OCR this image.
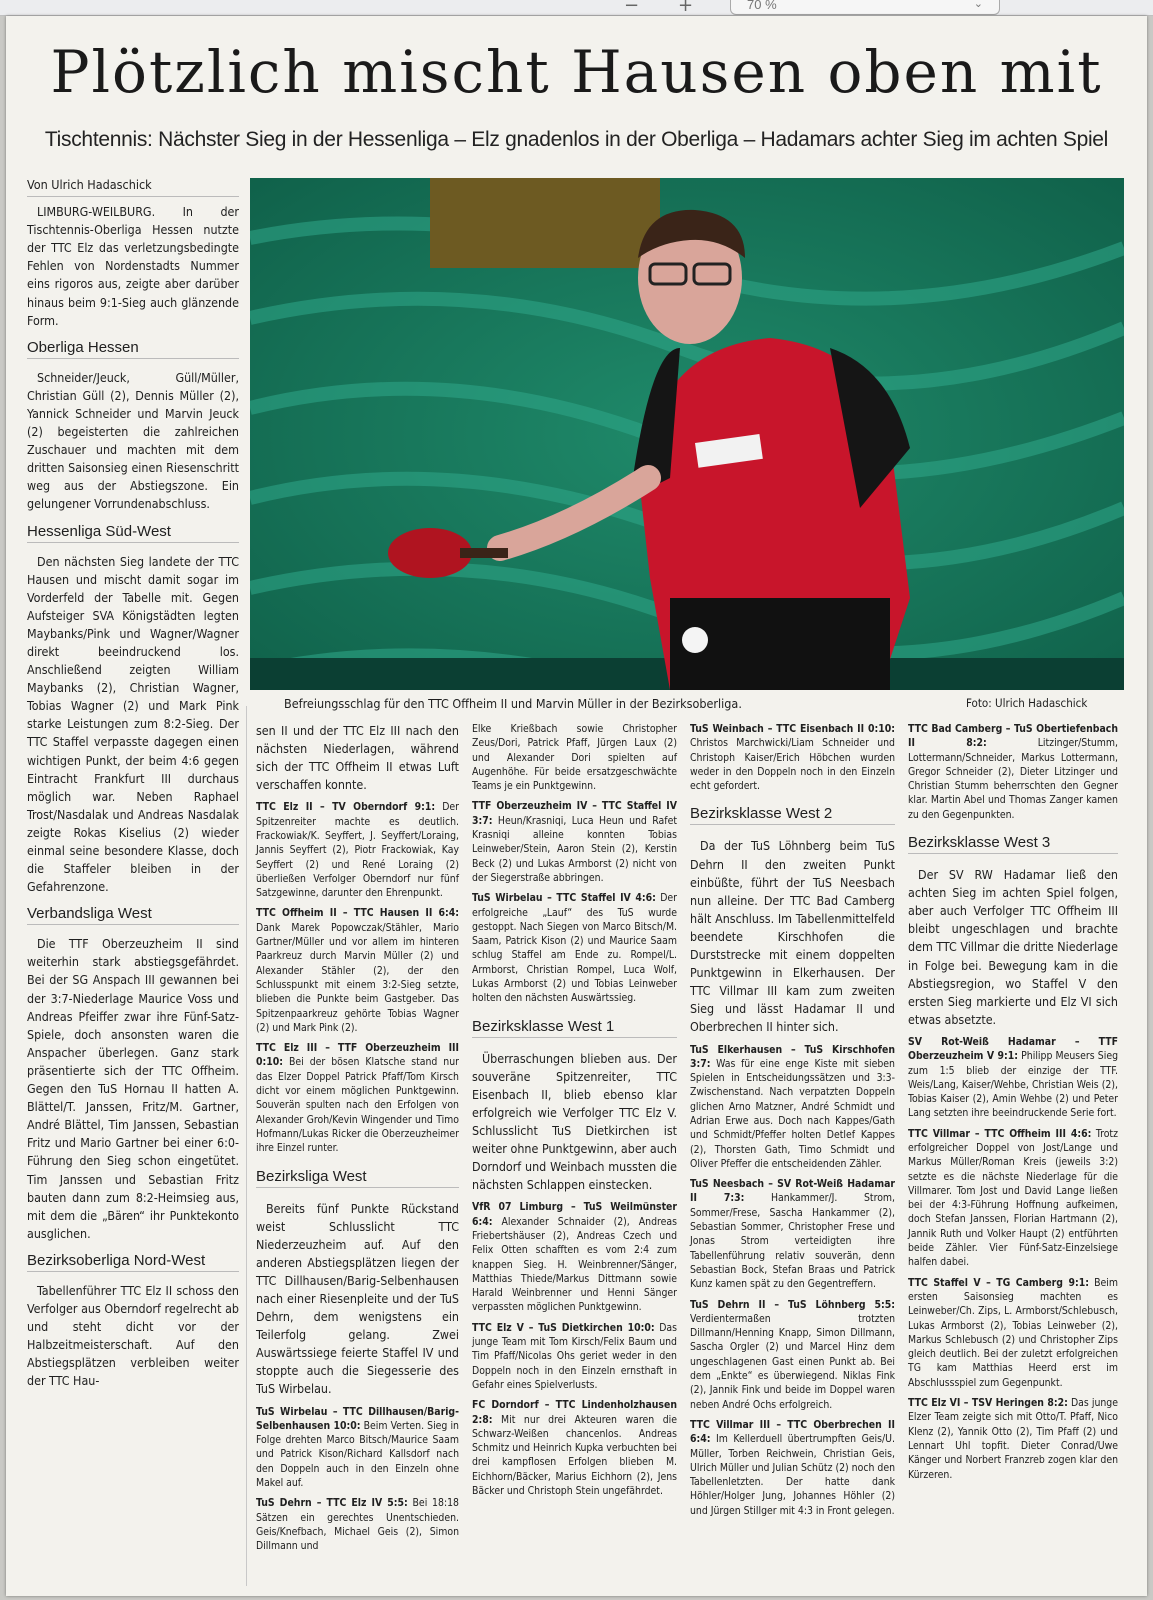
− +	70 %	⌄
Plötzlich mischt Hausen oben mit
Tischtennis: Nächster Sieg in der Hessenliga – Elz gnadenlos in der Oberliga – Hadamars achter Sieg im achten Spiel
Von Ulrich Hadaschick

LIMBURG-WEILBURG. In der Tischtennis-Oberliga Hessen nutzte der TTC Elz das verletzungsbedingte Fehlen von Nordenstadts Nummer eins rigoros aus, zeigte aber darüber hinaus beim 9:1-Sieg auch glänzende Form.

Oberliga Hessen

Schneider/Jeuck, Güll/Müller, Christian Güll (2), Dennis Müller (2), Yannick Schneider und Marvin Jeuck (2) begeisterten die zahlreichen Zuschauer und machten mit dem dritten Saisonsieg einen Riesenschritt weg aus der Abstiegszone. Ein gelungener Vorrundenabschluss.

Hessenliga Süd-West

Den nächsten Sieg landete der TTC Hausen und mischt damit sogar im Vorderfeld der Tabelle mit. Gegen Aufsteiger SVA Königstädten legten Maybanks/Pink und Wagner/Wagner direkt beeindruckend los. Anschließend zeigten William Maybanks (2), Christian Wagner, Tobias Wagner (2) und Mark Pink starke Leistungen zum 8:2-Sieg. Der TTC Staffel verpasste dagegen einen wichtigen Punkt, der beim 4:6 gegen Eintracht Frankfurt III durchaus möglich war. Neben Raphael Trost/Nasdalak und Andreas Nasdalak zeigte Rokas Kiselius (2) wieder einmal seine besondere Klasse, doch die Staffeler bleiben in der Gefahrenzone.

Verbandsliga West

Die TTF Oberzeuzheim II sind weiterhin stark abstiegsgefährdet. Bei der SG Anspach III gewannen bei der 3:7-Niederlage Maurice Voss und Andreas Pfeiffer zwar ihre Fünf-Satz-Spiele, doch ansonsten waren die Anspacher überlegen. Ganz stark präsentierte sich der TTC Offheim. Gegen den TuS Hornau II hatten A. Blättel/T. Janssen, Fritz/M. Gartner, André Blättel, Tim Janssen, Sebastian Fritz und Mario Gartner bei einer 6:0-Führung den Sieg schon eingetütet. Tim Janssen und Sebastian Fritz bauten dann zum 8:2-Heimsieg aus, mit dem die „Bären“ ihr Punktekonto ausglichen.

Bezirksoberliga Nord-West

Tabellenführer TTC Elz II schoss den Verfolger aus Oberndorf regelrecht ab und steht dicht vor der Halbzeitmeisterschaft. Auf den Abstiegsplätzen verbleiben weiter der TTC Hau-

Befreiungsschlag für den TTC Offheim II und Marvin Müller in der Bezirksoberliga.	Foto: Ulrich Hadaschick

sen II und der TTC Elz III nach den nächsten Niederlagen, während sich der TTC Offheim II etwas Luft verschaffen konnte.

TTC Elz II – TV Oberndorf 9:1: Der Spitzenreiter machte es deutlich. Frackowiak/K. Seyffert, J. Seyffert/Loraing, Jannis Seyffert (2), Piotr Frackowiak, Kay Seyffert (2) und René Loraing (2) überließen Verfolger Oberndorf nur fünf Satzgewinne, darunter den Ehrenpunkt.
TTC Offheim II – TTC Hausen II 6:4: Dank Marek Popowczak/Stähler, Mario Gartner/Müller und vor allem im hinteren Paarkreuz durch Marvin Müller (2) und Alexander Stähler (2), der den Schlusspunkt mit einem 3:2-Sieg setzte, blieben die Punkte beim Gastgeber. Das Spitzenpaarkreuz gehörte Tobias Wagner (2) und Mark Pink (2).
TTC Elz III – TTF Oberzeuzheim III 0:10: Bei der bösen Klatsche stand nur das Elzer Doppel Patrick Pfaff/Tom Kirsch dicht vor einem möglichen Punktgewinn. Souverän spulten nach den Erfolgen von Alexander Groh/Kevin Wingender und Timo Hofmann/Lukas Ricker die Oberzeuzheimer ihre Einzel runter.
Bezirksliga West

Bereits fünf Punkte Rückstand weist Schlusslicht TTC Niederzeuzheim auf. Auf den anderen Abstiegsplätzen liegen der TTC Dillhausen/Barig-Selbenhausen nach einer Riesenpleite und der TuS Dehrn, dem wenigstens ein Teilerfolg gelang. Zwei Auswärtssiege feierte Staffel IV und stoppte auch die Siegesserie des TuS Wirbelau.

TuS Wirbelau – TTC Dillhausen/Barig-Selbenhausen 10:0: Beim Verten. Sieg in Folge drehten Marco Bitsch/Maurice Saam und Patrick Kison/Richard Kallsdorf nach den Doppeln auch in den Einzeln ohne Makel auf.
TuS Dehrn – TTC Elz IV 5:5: Bei 18:18 Sätzen ein gerechtes Unentschieden. Geis/Knefbach, Michael Geis (2), Simon Dillmann und
Elke Krießbach sowie Christopher Zeus/Dori, Patrick Pfaff, Jürgen Laux (2) und Alexander Dori spielten auf Augenhöhe. Für beide ersatzgeschwächte Teams je ein Punktgewinn.
TTF Oberzeuzheim IV – TTC Staffel IV 3:7: Heun/Krasniqi, Luca Heun und Rafet Krasniqi alleine konnten Tobias Leinweber/Stein, Aaron Stein (2), Kerstin Beck (2) und Lukas Armborst (2) nicht von der Siegerstraße abbringen.
TuS Wirbelau – TTC Staffel IV 4:6: Der erfolgreiche „Lauf“ des TuS wurde gestoppt. Nach Siegen von Marco Bitsch/M. Saam, Patrick Kison (2) und Maurice Saam schlug Staffel am Ende zu. Rompel/L. Armborst, Christian Rompel, Luca Wolf, Lukas Armborst (2) und Tobias Leinweber holten den nächsten Auswärtssieg.
Bezirksklasse West 1

Überraschungen blieben aus. Der souveräne Spitzenreiter, TTC Eisenbach II, blieb ebenso klar erfolgreich wie Verfolger TTC Elz V. Schlusslicht TuS Dietkirchen ist weiter ohne Punktgewinn, aber auch Dorndorf und Weinbach mussten die nächsten Schlappen einstecken.

VfR 07 Limburg – TuS Weilmünster 6:4: Alexander Schnaider (2), Andreas Friebertshäuser (2), Andreas Czech und Felix Otten schafften es vom 2:4 zum knappen Sieg. H. Weinbrenner/Sänger, Matthias Thiede/Markus Dittmann sowie Harald Weinbrenner und Henni Sänger verpassten möglichen Punktgewinn.
TTC Elz V – TuS Dietkirchen 10:0: Das junge Team mit Tom Kirsch/Felix Baum und Tim Pfaff/Nicolas Ohs geriet weder in den Doppeln noch in den Einzeln ernsthaft in Gefahr eines Spielverlusts.
FC Dorndorf – TTC Lindenholzhausen 2:8: Mit nur drei Akteuren waren die Schwarz-Weißen chancenlos. Andreas Schmitz und Heinrich Kupka verbuchten bei drei kampflosen Erfolgen blieben M. Eichhorn/Bäcker, Marius Eichhorn (2), Jens Bäcker und Christoph Stein ungefährdet.
TuS Weinbach – TTC Eisenbach II 0:10: Christos Marchwicki/Liam Schneider und Christoph Kaiser/Erich Höbchen wurden weder in den Doppeln noch in den Einzeln echt gefordert.
Bezirksklasse West 2

Da der TuS Löhnberg beim TuS Dehrn II den zweiten Punkt einbüßte, führt der TuS Neesbach nun alleine. Der TTC Bad Camberg hält Anschluss. Im Tabellenmittelfeld beendete Kirschhofen die Durststrecke mit einem doppelten Punktgewinn in Elkerhausen. Der TTC Villmar III kam zum zweiten Sieg und lässt Hadamar II und Oberbrechen II hinter sich.

TuS Elkerhausen – TuS Kirschhofen 3:7: Was für eine enge Kiste mit sieben Spielen in Entscheidungssätzen und 3:3-Zwischenstand. Nach verpatzten Doppeln glichen Arno Matzner, André Schmidt und Adrian Erwe aus. Doch nach Kappes/Gath und Schmidt/Pfeffer holten Detlef Kappes (2), Thorsten Gath, Timo Schmidt und Oliver Pfeffer die entscheidenden Zähler.
TuS Neesbach – SV Rot-Weiß Hadamar II 7:3: Hankammer/J. Strom, Sommer/Frese, Sascha Hankammer (2), Sebastian Sommer, Christopher Frese und Jonas Strom verteidigten ihre Tabellenführung relativ souverän, denn Sebastian Bock, Stefan Braas und Patrick Kunz kamen spät zu den Gegentreffern.
TuS Dehrn II – TuS Löhnberg 5:5: Verdientermaßen trotzten Dillmann/Henning Knapp, Simon Dillmann, Sascha Orgler (2) und Marcel Hinz dem ungeschlagenen Gast einen Punkt ab. Bei dem „Enkte“ es überwiegend. Niklas Fink (2), Jannik Fink und beide im Doppel waren neben André Ochs erfolgreich.
TTC Villmar III – TTC Oberbrechen II 6:4: Im Kellerduell übertrumpften Geis/U. Müller, Torben Reichwein, Christian Geis, Ulrich Müller und Julian Schütz (2) noch den Tabellenletzten. Der hatte dank Höhler/Holger Jung, Johannes Höhler (2) und Jürgen Stillger mit 4:3 in Front gelegen.
TTC Bad Camberg – TuS Obertiefenbach II 8:2: Litzinger/Stumm, Lottermann/Schneider, Markus Lottermann, Gregor Schneider (2), Dieter Litzinger und Christian Stumm beherrschten den Gegner klar. Martin Abel und Thomas Zanger kamen zu den Gegenpunkten.
Bezirksklasse West 3

Der SV RW Hadamar ließ den achten Sieg im achten Spiel folgen, aber auch Verfolger TTC Offheim III bleibt ungeschlagen und brachte dem TTC Villmar die dritte Niederlage in Folge bei. Bewegung kam in die Abstiegsregion, wo Staffel V den ersten Sieg markierte und Elz VI sich etwas absetzte.

SV Rot-Weiß Hadamar – TTF Oberzeuzheim V 9:1: Philipp Meusers Sieg zum 1:5 blieb der einzige der TTF. Weis/Lang, Kaiser/Wehbe, Christian Weis (2), Tobias Kaiser (2), Amin Wehbe (2) und Peter Lang setzten ihre beeindruckende Serie fort.
TTC Villmar – TTC Offheim III 4:6: Trotz erfolgreicher Doppel von Jost/Lange und Markus Müller/Roman Kreis (jeweils 3:2) setzte es die nächste Niederlage für die Villmarer. Tom Jost und David Lange ließen bei der 4:3-Führung Hoffnung aufkeimen, doch Stefan Janssen, Florian Hartmann (2), Jannik Ruth und Volker Haupt (2) entführten beide Zähler. Vier Fünf-Satz-Einzelsiege halfen dabei.
TTC Staffel V – TG Camberg 9:1: Beim ersten Saisonsieg machten es Leinweber/Ch. Zips, L. Armborst/Schlebusch, Lukas Armborst (2), Tobias Leinweber (2), Markus Schlebusch (2) und Christopher Zips gleich deutlich. Bei der zuletzt erfolgreichen TG kam Matthias Heerd erst im Abschlussspiel zum Gegenpunkt.
TTC Elz VI – TSV Heringen 8:2: Das junge Elzer Team zeigte sich mit Otto/T. Pfaff, Nico Klenz (2), Yannik Otto (2), Tim Pfaff (2) und Lennart Uhl topfit. Dieter Conrad/Uwe Känger und Norbert Franzreb zogen klar den Kürzeren.
